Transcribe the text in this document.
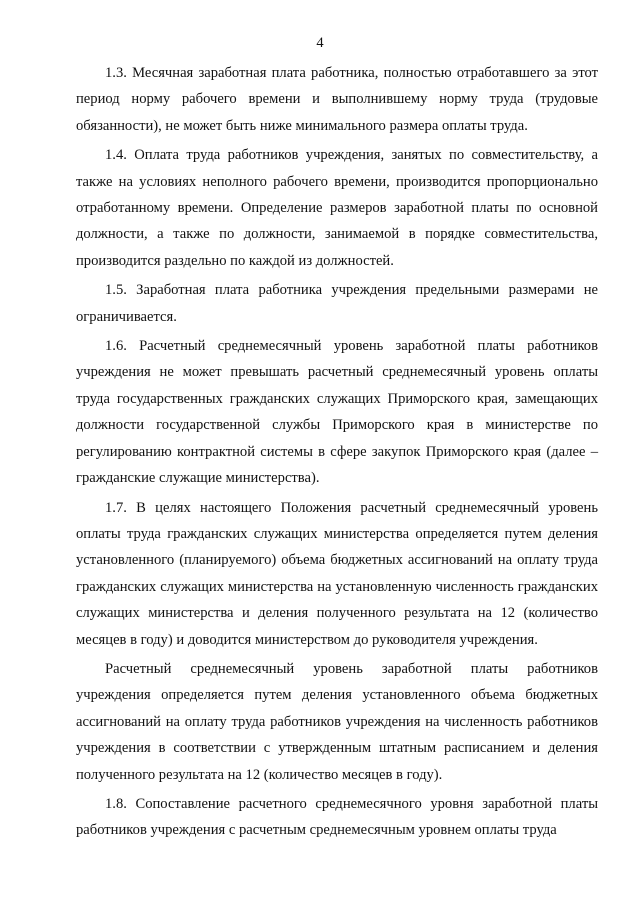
4

1.3. Месячная заработная плата работника, полностью отработавшего за этот период норму рабочего времени и выполнившему норму труда (трудовые обязанности), не может быть ниже минимального размера оплаты труда.

1.4. Оплата труда работников учреждения, занятых по совместительству, а также на условиях неполного рабочего времени, производится пропорционально отработанному времени. Определение размеров заработной платы по основной должности, а также по должности, занимаемой в порядке совместительства, производится раздельно по каждой из должностей.

1.5. Заработная плата работника учреждения предельными размерами не ограничивается.

1.6. Расчетный среднемесячный уровень заработной платы работников учреждения не может превышать расчетный среднемесячный уровень оплаты труда государственных гражданских служащих Приморского края, замещающих должности государственной службы Приморского края в министерстве по регулированию контрактной системы в сфере закупок Приморского края (далее – гражданские служащие министерства).

1.7. В целях настоящего Положения расчетный среднемесячный уровень оплаты труда гражданских служащих министерства определяется путем деления установленного (планируемого) объема бюджетных ассигнований на оплату труда гражданских служащих министерства на установленную численность гражданских служащих министерства и деления полученного результата на 12 (количество месяцев в году) и доводится министерством до руководителя учреждения.

Расчетный среднемесячный уровень заработной платы работников учреждения определяется путем деления установленного объема бюджетных ассигнований на оплату труда работников учреждения на численность работников учреждения в соответствии с утвержденным штатным расписанием и деления полученного результата на 12 (количество месяцев в году).

1.8. Сопоставление расчетного среднемесячного уровня заработной платы работников учреждения с расчетным среднемесячным уровнем оплаты труда
